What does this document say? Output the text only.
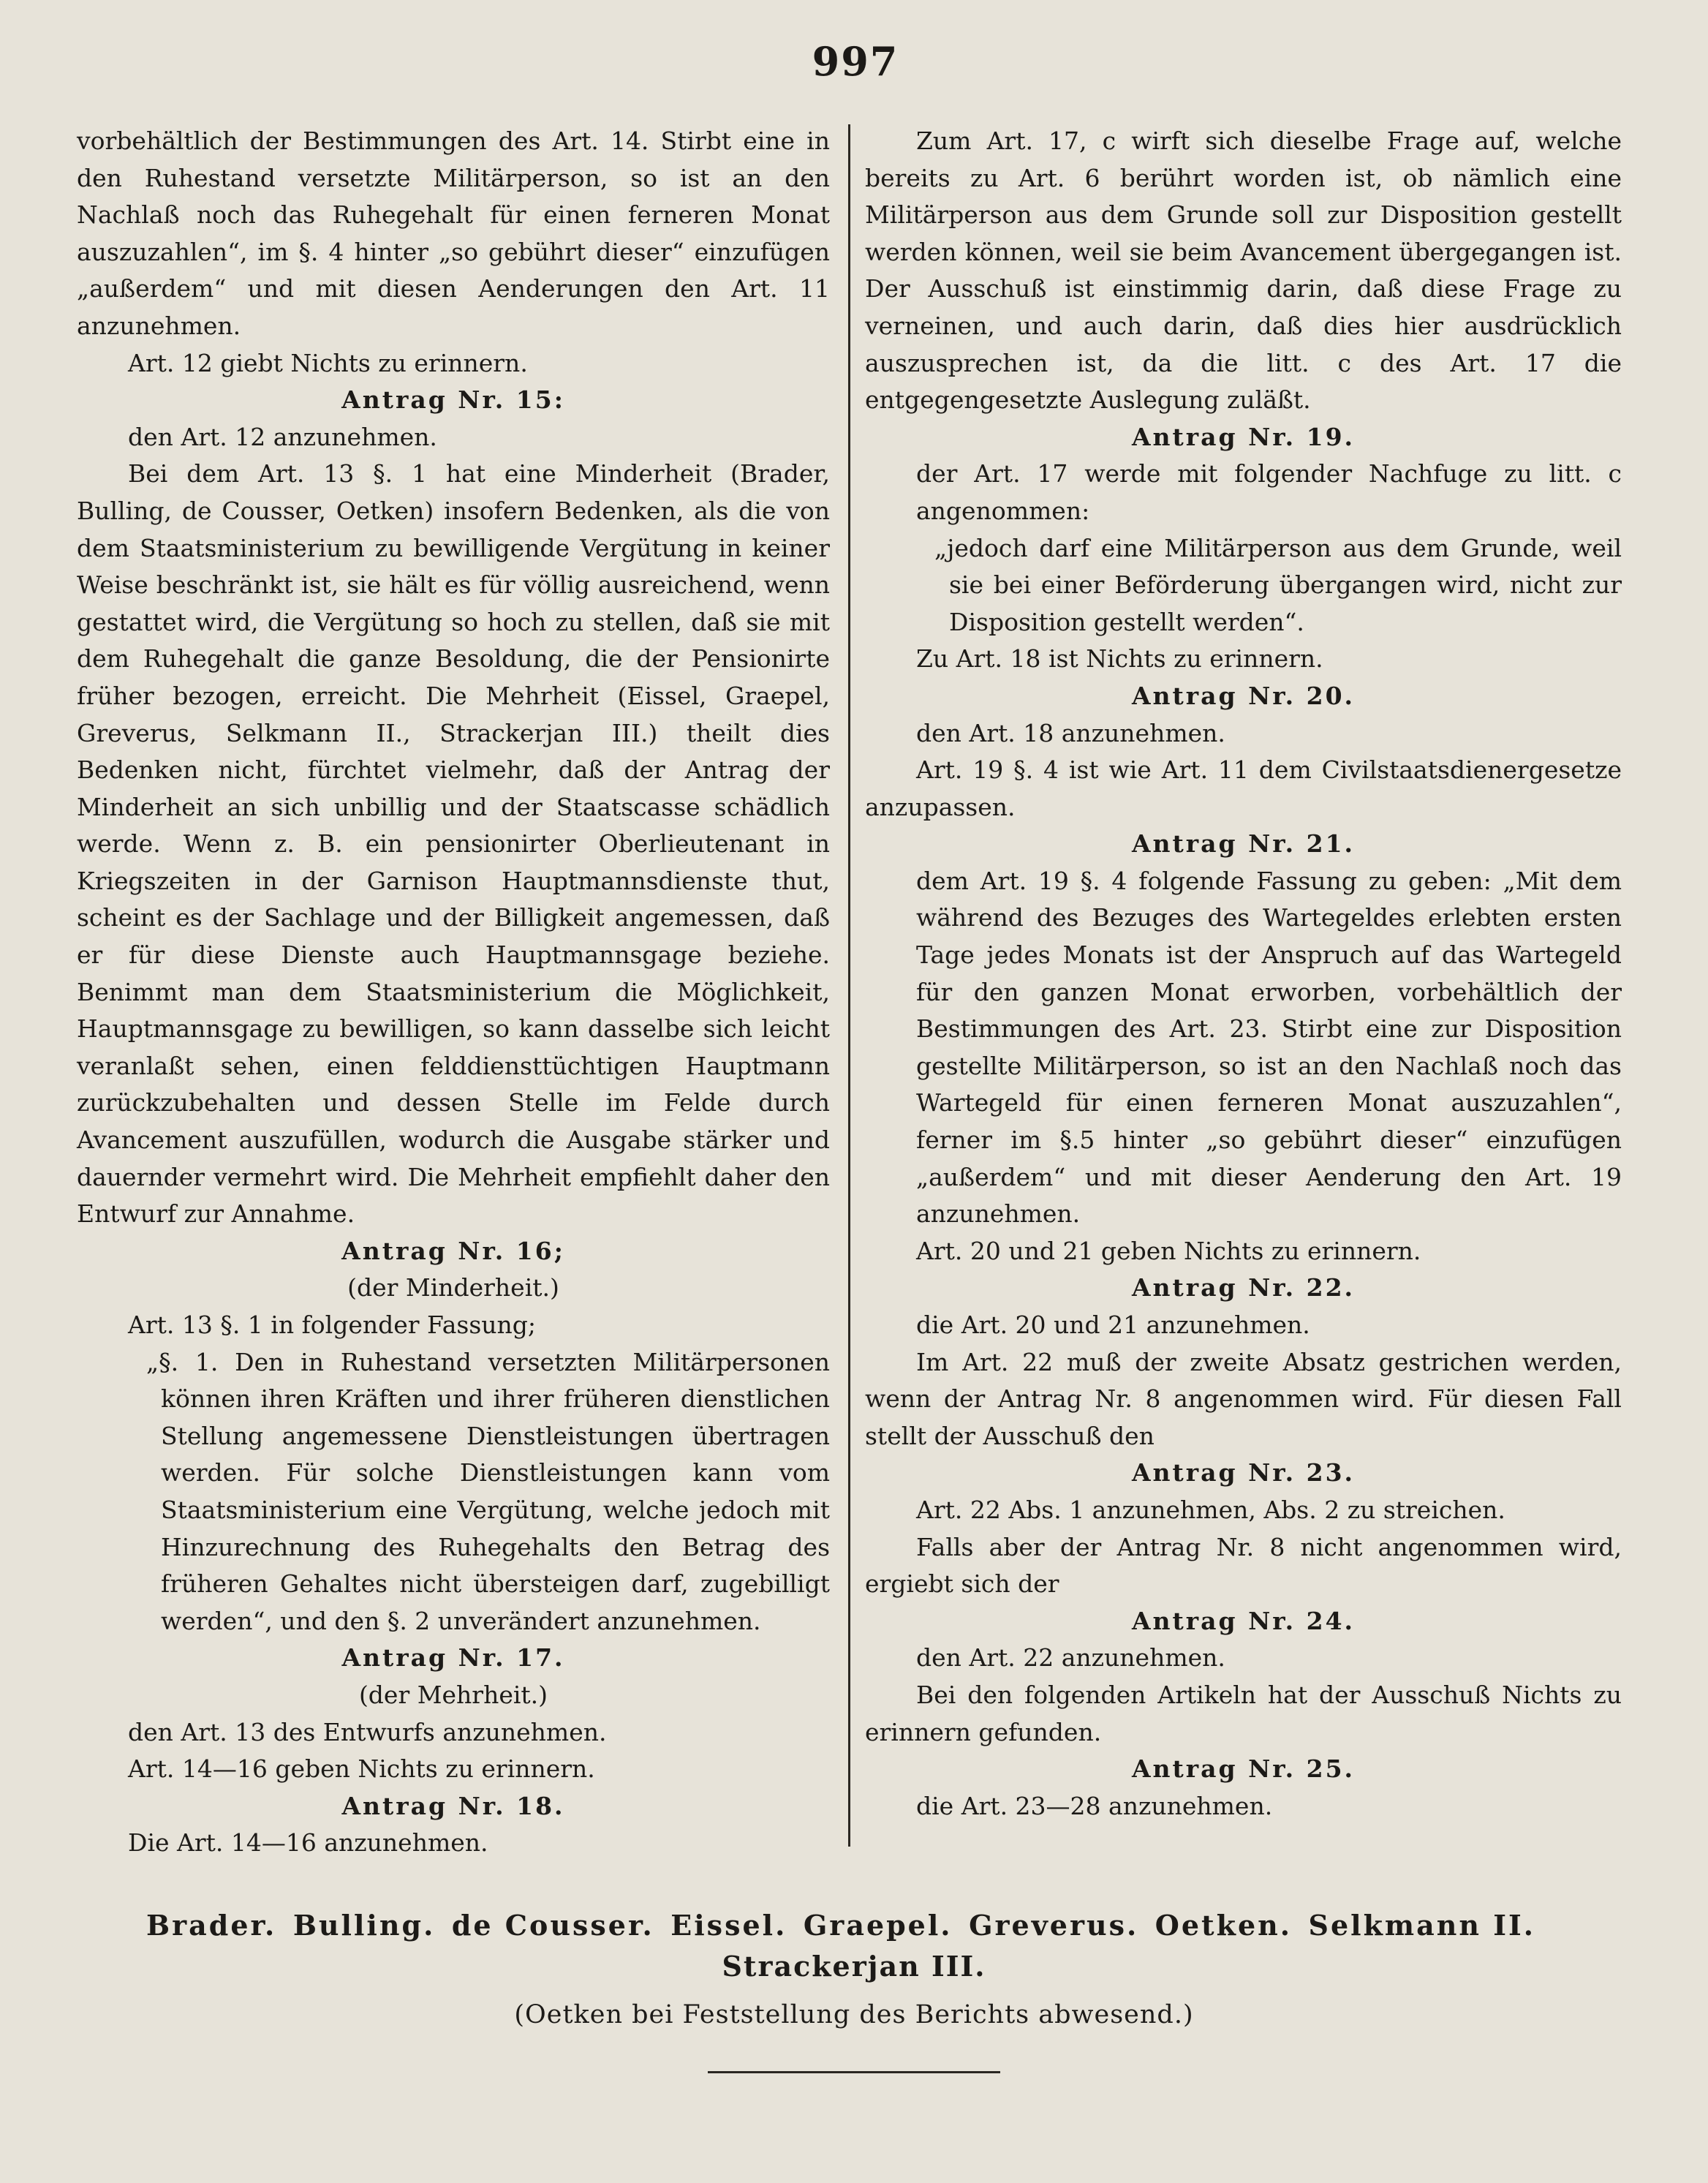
997
vorbehältlich der Bestimmungen des Art. 14. Stirbt eine in den Ruhestand versetzte Militärperson, so ist an den Nachlaß noch das Ruhegehalt für einen ferneren Monat auszuzahlen“, im §. 4 hinter „so gebührt dieser“ einzufügen „außerdem“ und mit diesen Aenderungen den Art. 11 anzunehmen.
Art. 12 giebt Nichts zu erinnern.
Antrag Nr. 15:
den Art. 12 anzunehmen.
Bei dem Art. 13 §. 1 hat eine Minderheit (Brader, Bulling, de Cousser, Oetken) insofern Bedenken, als die von dem Staatsministerium zu bewilligende Vergütung in keiner Weise beschränkt ist, sie hält es für völlig ausreichend, wenn gestattet wird, die Vergütung so hoch zu stellen, daß sie mit dem Ruhegehalt die ganze Besoldung, die der Pensionirte früher bezogen, erreicht. Die Mehrheit (Eissel, Graepel, Greverus, Selkmann II., Strackerjan III.) theilt dies Bedenken nicht, fürchtet vielmehr, daß der Antrag der Minderheit an sich unbillig und der Staatscasse schädlich werde. Wenn z. B. ein pensionirter Oberlieutenant in Kriegszeiten in der Garnison Hauptmannsdienste thut, scheint es der Sachlage und der Billigkeit angemessen, daß er für diese Dienste auch Hauptmannsgage beziehe. Benimmt man dem Staatsministerium die Möglichkeit, Hauptmannsgage zu bewilligen, so kann dasselbe sich leicht veranlaßt sehen, einen felddiensttüchtigen Hauptmann zurückzubehalten und dessen Stelle im Felde durch Avancement auszufüllen, wodurch die Ausgabe stärker und dauernder vermehrt wird. Die Mehrheit empfiehlt daher den Entwurf zur Annahme.
Antrag Nr. 16;
(der Minderheit.)
Art. 13 §. 1 in folgender Fassung;
„§. 1. Den in Ruhestand versetzten Militärpersonen können ihren Kräften und ihrer früheren dienstlichen Stellung angemessene Dienstleistungen übertragen werden. Für solche Dienstleistungen kann vom Staatsministerium eine Vergütung, welche jedoch mit Hinzurechnung des Ruhegehalts den Betrag des früheren Gehaltes nicht übersteigen darf, zugebilligt werden“, und den §. 2 unverändert anzunehmen.
Antrag Nr. 17.
(der Mehrheit.)
den Art. 13 des Entwurfs anzunehmen.
Art. 14—16 geben Nichts zu erinnern.
Antrag Nr. 18.
Die Art. 14—16 anzunehmen.
Zum Art. 17, c wirft sich dieselbe Frage auf, welche bereits zu Art. 6 berührt worden ist, ob nämlich eine Militärperson aus dem Grunde soll zur Disposition gestellt werden können, weil sie beim Avancement übergegangen ist. Der Ausschuß ist einstimmig darin, daß diese Frage zu verneinen, und auch darin, daß dies hier ausdrücklich auszusprechen ist, da die litt. c des Art. 17 die entgegengesetzte Auslegung zuläßt.
Antrag Nr. 19.
der Art. 17 werde mit folgender Nachfuge zu litt. c angenommen:
„jedoch darf eine Militärperson aus dem Grunde, weil sie bei einer Beförderung übergangen wird, nicht zur Disposition gestellt werden“.
Zu Art. 18 ist Nichts zu erinnern.
Antrag Nr. 20.
den Art. 18 anzunehmen.
Art. 19 §. 4 ist wie Art. 11 dem Civilstaatsdienergesetze anzupassen.
Antrag Nr. 21.
dem Art. 19 §. 4 folgende Fassung zu geben: „Mit dem während des Bezuges des Wartegeldes erlebten ersten Tage jedes Monats ist der Anspruch auf das Wartegeld für den ganzen Monat erworben, vorbehältlich der Bestimmungen des Art. 23. Stirbt eine zur Disposition gestellte Militärperson, so ist an den Nachlaß noch das Wartegeld für einen ferneren Monat auszuzahlen“, ferner im §.5 hinter „so gebührt dieser“ einzufügen „außerdem“ und mit dieser Aenderung den Art. 19 anzunehmen.
Art. 20 und 21 geben Nichts zu erinnern.
Antrag Nr. 22.
die Art. 20 und 21 anzunehmen.
Im Art. 22 muß der zweite Absatz gestrichen werden, wenn der Antrag Nr. 8 angenommen wird. Für diesen Fall stellt der Ausschuß den
Antrag Nr. 23.
Art. 22 Abs. 1 anzunehmen, Abs. 2 zu streichen.
Falls aber der Antrag Nr. 8 nicht angenommen wird, ergiebt sich der
Antrag Nr. 24.
den Art. 22 anzunehmen.
Bei den folgenden Artikeln hat der Ausschuß Nichts zu erinnern gefunden.
Antrag Nr. 25.
die Art. 23—28 anzunehmen.
Brader. Bulling. de Cousser. Eissel. Graepel. Greverus. Oetken. Selkmann II.
Strackerjan III.
(Oetken bei Feststellung des Berichts abwesend.)
